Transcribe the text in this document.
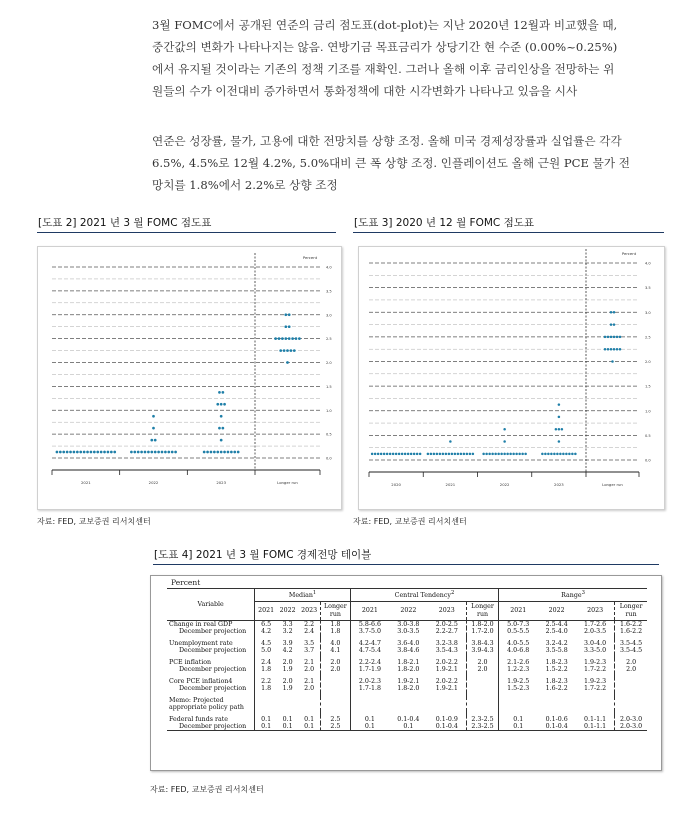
3월 FOMC에서 공개된 연준의 금리 점도표(dot-plot)는 지난 2020년 12월과 비교했을 때,
중간값의 변화가 나타나지는 않음. 연방기금 목표금리가 상당기간 현 수준 (0.00%~0.25%)
에서 유지될 것이라는 기존의 정책 기조를 재확인. 그러나 올해 이후 금리인상을 전망하는 위
원들의 수가 이전대비 증가하면서 통화정책에 대한 시각변화가 나타나고 있음을 시사
연준은 성장률, 물가, 고용에 대한 전망치를 상향 조정. 올해 미국 경제성장률과 실업률은 각각
6.5%, 4.5%로 12월 4.2%, 5.0%대비 큰 폭 상향 조정. 인플레이션도 올해 근원 PCE 물가 전
망치를 1.8%에서 2.2%로 상향 조정
[도표 2] 2021 년 3 월 FOMC 점도표
Percent
0.0
0.5
1.0
1.5
2.0
2.5
3.0
3.5
4.0
2021	2022	2023	Longer run
자료: FED, 교보증권 리서치센터
[도표 3] 2020 년 12 월 FOMC 점도표
Percent
0.0
0.5
1.0
1.5
2.0
2.5
3.0
3.5
4.0
2020	2021	2022	2023	Longer run
자료: FED, 교보증권 리서치센터
[도표 4] 2021 년 3 월 FOMC 경제전망 테이블
Percent
Variable	Median$^1$				Central Tendency$^2$				Range$^3$
	2021	2022	2023	Longer
run	2021	2022	2023	Longer
run	2021	2022	2023	Longer
run
Change in real GDP	6.5	3.3	2.2	1.8	5.8-6.6	3.0-3.8	2.0-2.5	1.8-2.0	5.0-7.3	2.5-4.4	1.7-2.6	1.6-2.2
December projection	4.2	3.2	2.4	1.8	3.7-5.0	3.0-3.5	2.2-2.7	1.7-2.0	0.5-5.5	2.5-4.0	2.0-3.5	1.6-2.2

Unemployment rate	4.5	3.9	3.5	4.0	4.2-4.7	3.6-4.0	3.2-3.8	3.8-4.3	4.0-5.5	3.2-4.2	3.0-4.0	3.5-4.5
December projection	5.0	4.2	3.7	4.1	4.7-5.4	3.8-4.6	3.5-4.3	3.9-4.3	4.0-6.8	3.5-5.8	3.3-5.0	3.5-4.5

PCE inflation	2.4	2.0	2.1	2.0	2.2-2.4	1.8-2.1	2.0-2.2	2.0	2.1-2.6	1.8-2.3	1.9-2.3	2.0
December projection	1.8	1.9	2.0	2.0	1.7-1.9	1.8-2.0	1.9-2.1	2.0	1.2-2.3	1.5-2.2	1.7-2.2	2.0

Core PCE inflation4	2.2	2.0	2.1		2.0-2.3	1.9-2.1	2.0-2.2		1.9-2.5	1.8-2.3	1.9-2.3	
December projection	1.8	1.9	2.0		1.7-1.8	1.8-2.0	1.9-2.1		1.5-2.3	1.6-2.2	1.7-2.2	

Memo: Projected
appropriate policy path												

Federal funds rate	0.1	0.1	0.1	2.5	0.1	0.1-0.4	0.1-0.9	2.3-2.5	0.1	0.1-0.6	0.1-1.1	2.0-3.0
December projection	0.1	0.1	0.1	2.5	0.1	0.1	0.1-0.4	2.3-2.5	0.1	0.1-0.4	0.1-1.1	2.0-3.0
자료: FED, 교보증권 리서치센터
